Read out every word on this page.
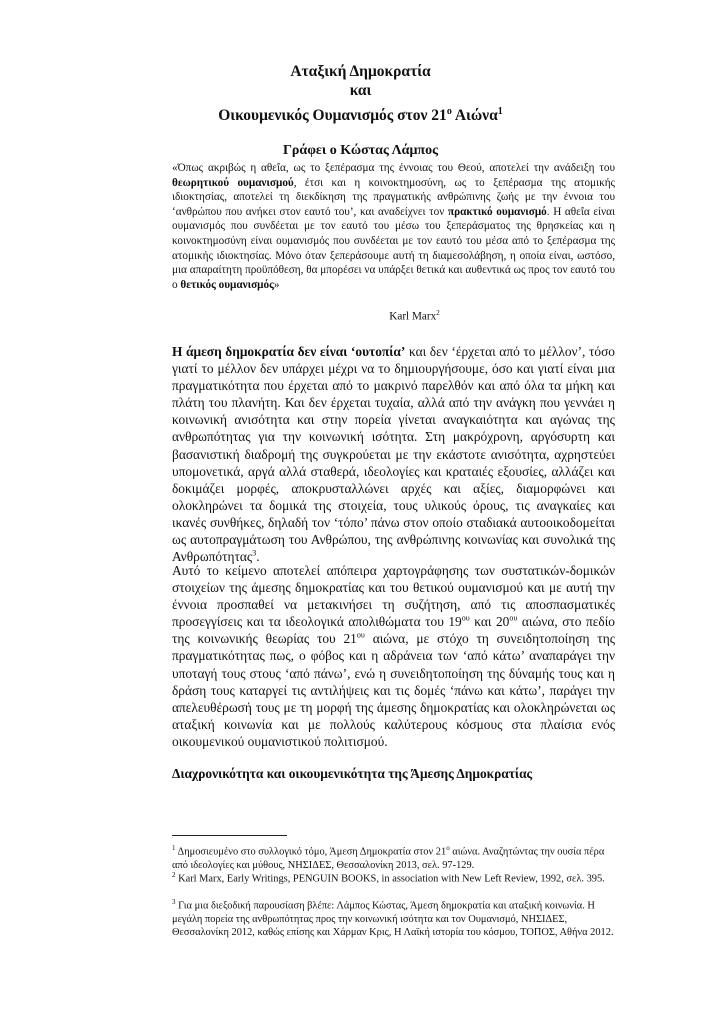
Αταξική Δημοκρατία
και
Οικουμενικός Ουμανισμός στον $21^o$ Αιώνα$^1$
Γράφει ο Κώστας Λάμπος
«Όπως ακριβώς η αθεΐα, ως το ξεπέρασμα της έννοιας του Θεού, αποτελεί την ανάδειξη του θεωρητικού ουμανισμού, έτσι και η κοινοκτημοσύνη, ως το ξεπέρασμα της ατομικής ιδιοκτησίας, αποτελεί τη διεκδίκηση της πραγματικής ανθρώπινης ζωής με την έννοια του ‘ανθρώπου που ανήκει στον εαυτό του’, και αναδείχνει τον πρακτικό ουμανισμό. Η αθεΐα είναι ουμανισμός που συνδέεται με τον εαυτό του μέσω του ξεπεράσματος της θρησκείας και η κοινοκτημοσύνη είναι ουμανισμός που συνδέεται με τον εαυτό του μέσα από το ξεπέρασμα της ατομικής ιδιοκτησίας. Μόνο όταν ξεπεράσουμε αυτή τη διαμεσολάβηση, η οποία είναι, ωστόσο, μια απαραίτητη προϋπόθεση, θα μπορέσει να υπάρξει θετικά και αυθεντικά ως προς τον εαυτό του ο θετικός ουμανισμός»
Karl Marx$^2$

Η άμεση δημοκρατία δεν είναι ‘ουτοπία’ και δεν ‘έρχεται από το μέλλον’, τόσο γιατί το μέλλον δεν υπάρχει μέχρι να το δημιουργήσουμε, όσο και γιατί είναι μια πραγματικότητα που έρχεται από το μακρινό παρελθόν και από όλα τα μήκη και πλάτη του πλανήτη. Και δεν έρχεται τυχαία, αλλά από την ανάγκη που γεννάει η κοινωνική ανισότητα και στην πορεία γίνεται αναγκαιότητα και αγώνας της ανθρωπότητας για την κοινωνική ισότητα. Στη μακρόχρονη, αργόσυρτη και βασανιστική διαδρομή της συγκρούεται με την εκάστοτε ανισότητα, αχρηστεύει υπομονετικά, αργά αλλά σταθερά, ιδεολογίες και κραταιές εξουσίες, αλλάζει και δοκιμάζει μορφές, αποκρυσταλλώνει αρχές και αξίες, διαμορφώνει και ολοκληρώνει τα δομικά της στοιχεία, τους υλικούς όρους, τις αναγκαίες και ικανές συνθήκες, δηλαδή τον ‘τόπο’ πάνω στον οποίο σταδιακά αυτοοικοδομείται ως αυτοπραγμάτωση του Ανθρώπου, της ανθρώπινης κοινωνίας και συνολικά της Ανθρωπότητας$^3$.

Αυτό το κείμενο αποτελεί απόπειρα χαρτογράφησης των συστατικών-δομικών στοιχείων της άμεσης δημοκρατίας και του θετικού ουμανισμού και με αυτή την έννοια προσπαθεί να μετακινήσει τη συζήτηση, από τις αποσπασματικές προσεγγίσεις και τα ιδεολογικά απολιθώματα του $19^{o\upsilon}$ και $20^{o\upsilon}$ αιώνα, στο πεδίο της κοινωνικής θεωρίας του $21^{o\upsilon}$ αιώνα, με στόχο τη συνειδητοποίηση της πραγματικότητας πως, ο φόβος και η αδράνεια των ‘από κάτω’ αναπαράγει την υποταγή τους στους ‘από πάνω’, ενώ η συνειδητοποίηση της δύναμής τους και η δράση τους καταργεί τις αντιλήψεις και τις δομές ‘πάνω και κάτω’, παράγει την απελευθέρωσή τους με τη μορφή της άμεσης δημοκρατίας και ολοκληρώνεται ως αταξική κοινωνία και με πολλούς καλύτερους κόσμους στα πλαίσια ενός οικουμενικού ουμανιστικού πολιτισμού.

Διαχρονικότητα και οικουμενικότητα της Άμεσης Δημοκρατίας
$^1$ Δημοσιευμένο στο συλλογικό τόμο, Άμεση Δημοκρατία στον $21^o$ αιώνα. Αναζητώντας την ουσία πέρα από ιδεολογίες και μύθους, ΝΗΣΙΔΕΣ, Θεσσαλονίκη 2013, σελ. 97-129.
$^2$ Karl Marx, Early Writings, PENGUIN BOOKS, in association with New Left Review, 1992, σελ. 395.
$^3$ Για μια διεξοδική παρουσίαση βλέπε: Λάμπος Κώστας, Άμεση δημοκρατία και αταξική κοινωνία. Η μεγάλη πορεία της ανθρωπότητας προς την κοινωνική ισότητα και τον Ουμανισμό, ΝΗΣΙΔΕΣ, Θεσσαλονίκη 2012, καθώς επίσης και Χάρμαν Κρις, Η Λαϊκή ιστορία του κόσμου, ΤΟΠΟΣ, Αθήνα 2012.
